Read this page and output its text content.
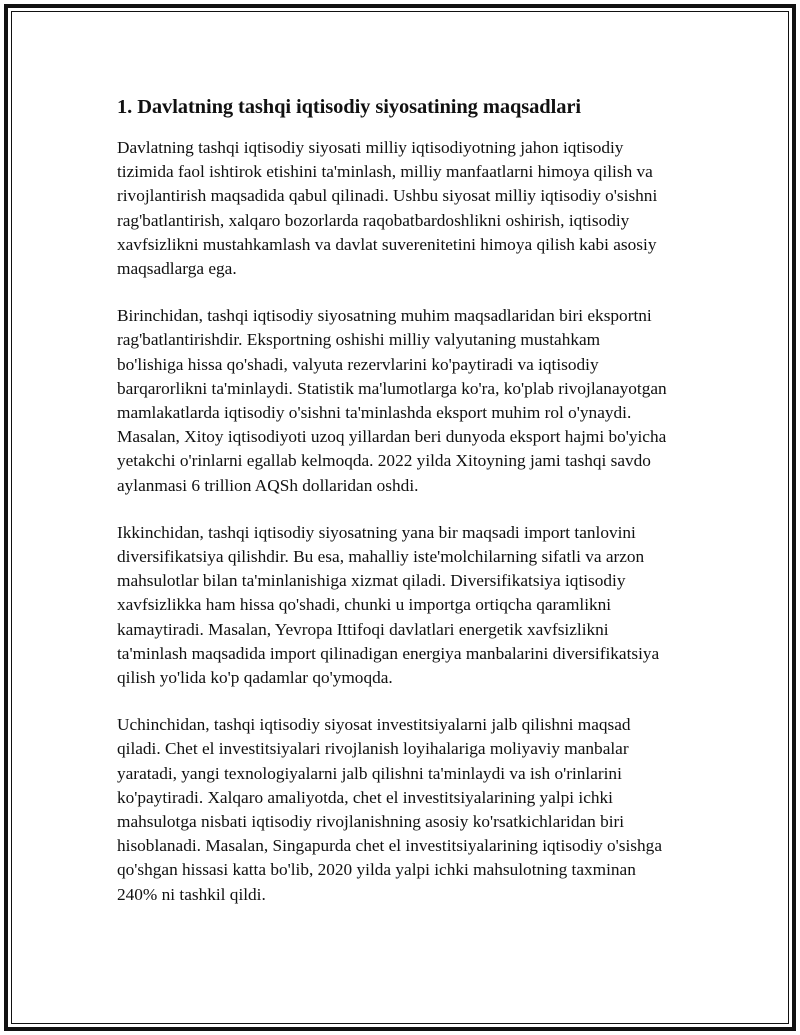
1. Davlatning tashqi iqtisodiy siyosatining maqsadlari

Davlatning tashqi iqtisodiy siyosati milliy iqtisodiyotning jahon iqtisodiy tizimida faol ishtirok etishini ta'minlash, milliy manfaatlarni himoya qilish va rivojlantirish maqsadida qabul qilinadi. Ushbu siyosat milliy iqtisodiy o'sishni rag'batlantirish, xalqaro bozorlarda raqobatbardoshlikni oshirish, iqtisodiy xavfsizlikni mustahkamlash va davlat suverenitetini himoya qilish kabi asosiy maqsadlarga ega.

Birinchidan, tashqi iqtisodiy siyosatning muhim maqsadlaridan biri eksportni rag'batlantirishdir. Eksportning oshishi milliy valyutaning mustahkam bo'lishiga hissa qo'shadi, valyuta rezervlarini ko'paytiradi va iqtisodiy barqarorlikni ta'minlaydi. Statistik ma'lumotlarga ko'ra, ko'plab rivojlanayotgan mamlakatlarda iqtisodiy o'sishni ta'minlashda eksport muhim rol o'ynaydi. Masalan, Xitoy iqtisodiyoti uzoq yillardan beri dunyoda eksport hajmi bo'yicha yetakchi o'rinlarni egallab kelmoqda. 2022 yilda Xitoyning jami tashqi savdo aylanmasi 6 trillion AQSh dollaridan oshdi.

Ikkinchidan, tashqi iqtisodiy siyosatning yana bir maqsadi import tanlovini diversifikatsiya qilishdir. Bu esa, mahalliy iste'molchilarning sifatli va arzon mahsulotlar bilan ta'minlanishiga xizmat qiladi. Diversifikatsiya iqtisodiy xavfsizlikka ham hissa qo'shadi, chunki u importga ortiqcha qaramlikni kamaytiradi. Masalan, Yevropa Ittifoqi davlatlari energetik xavfsizlikni ta'minlash maqsadida import qilinadigan energiya manbalarini diversifikatsiya qilish yo'lida ko'p qadamlar qo'ymoqda.

Uchinchidan, tashqi iqtisodiy siyosat investitsiyalarni jalb qilishni maqsad qiladi. Chet el investitsiyalari rivojlanish loyihalariga moliyaviy manbalar yaratadi, yangi texnologiyalarni jalb qilishni ta'minlaydi va ish o'rinlarini ko'paytiradi. Xalqaro amaliyotda, chet el investitsiyalarining yalpi ichki mahsulotga nisbati iqtisodiy rivojlanishning asosiy ko'rsatkichlaridan biri hisoblanadi. Masalan, Singapurda chet el investitsiyalarining iqtisodiy o'sishga qo'shgan hissasi katta bo'lib, 2020 yilda yalpi ichki mahsulotning taxminan 240% ni tashkil qildi.
